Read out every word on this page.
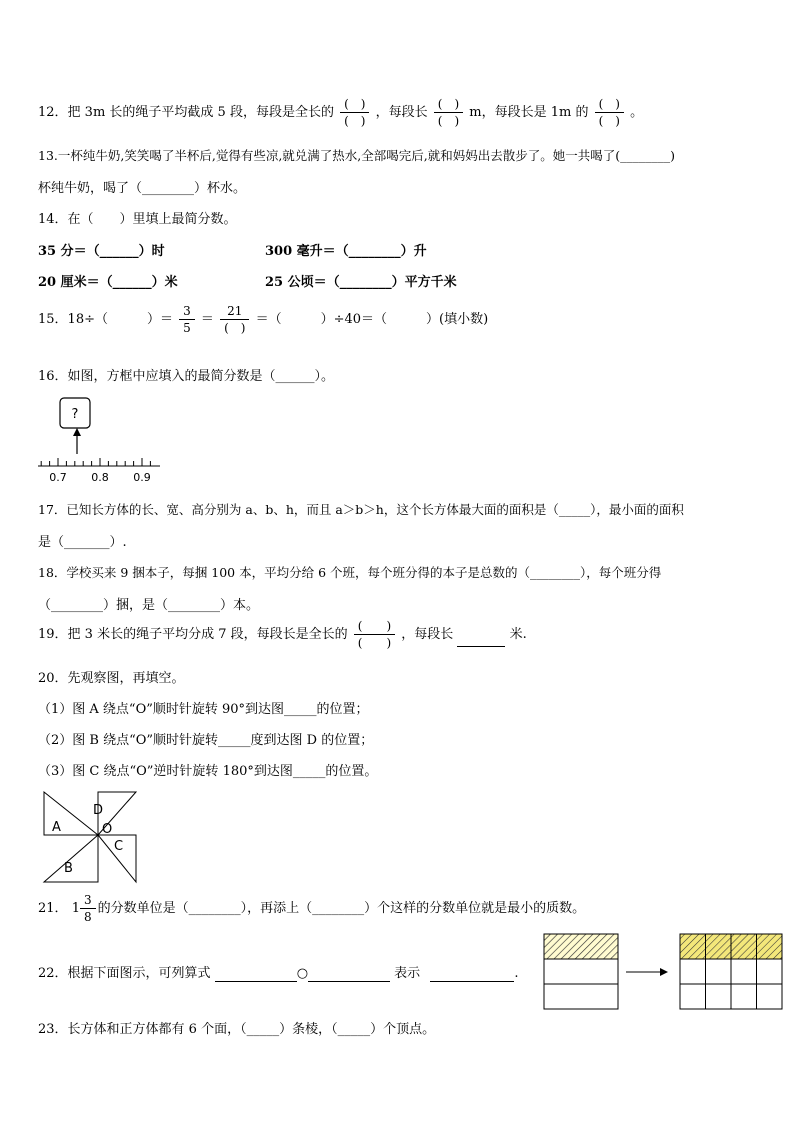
12．把 3m 长的绳子平均截成 5 段，每段是全长的 $\frac{( )}{( )}$ ，每段长 $\frac{( )}{( )}$ m，每段长是 1m 的 $\frac{( )}{( )}$ 。
13.一杯纯牛奶,笑笑喝了半杯后,觉得有些凉,就兑满了热水,全部喝完后,就和妈妈出去散步了。她一共喝了(________)
杯纯牛奶，喝了（________）杯水。
14．在（　　）里填上最简分数。
35 分＝（______）时	300 毫升＝（________）升
20 厘米＝（______）米	25 公顷＝（________）平方千米
15．18÷（　　　）＝ $\frac{3}{5} = \frac{21}{( )}$ ＝（　　　）÷40＝（　　　）(填小数)
16．如图，方框中应填入的最简分数是（______）。
?
0.7 0.8 0.9
17．已知长方体的长、宽、高分别为 a、b、h，而且 a＞b＞h，这个长方体最大面的面积是（_____），最小面的面积
是（_______）.
18．学校买来 9 捆本子，每捆 100 本，平均分给 6 个班，每个班分得的本子是总数的（________），每个班分得
（________）捆，是（________）本。
19．把 3 米长的绳子平均分成 7 段，每段长是全长的 $\frac{( )}{( )}$ ，每段长	米.
20．先观察图，再填空。
（1）图 A 绕点“O”顺时针旋转 90°到达图_____的位置；
（2）图 B 绕点“O”顺时针旋转_____度到达图 D 的位置；
（3）图 C 绕点“O”逆时针旋转 180°到达图_____的位置。
A
D
O
C
B
21． $1 \frac{3}{8}$ 的分数单位是（________），再添上（________）个这样的分数单位就是最小的质数。
22．根据下面图示，可列算式	○	表示	.
23．长方体和正方体都有 6 个面，（_____）条棱，（_____）个顶点。
